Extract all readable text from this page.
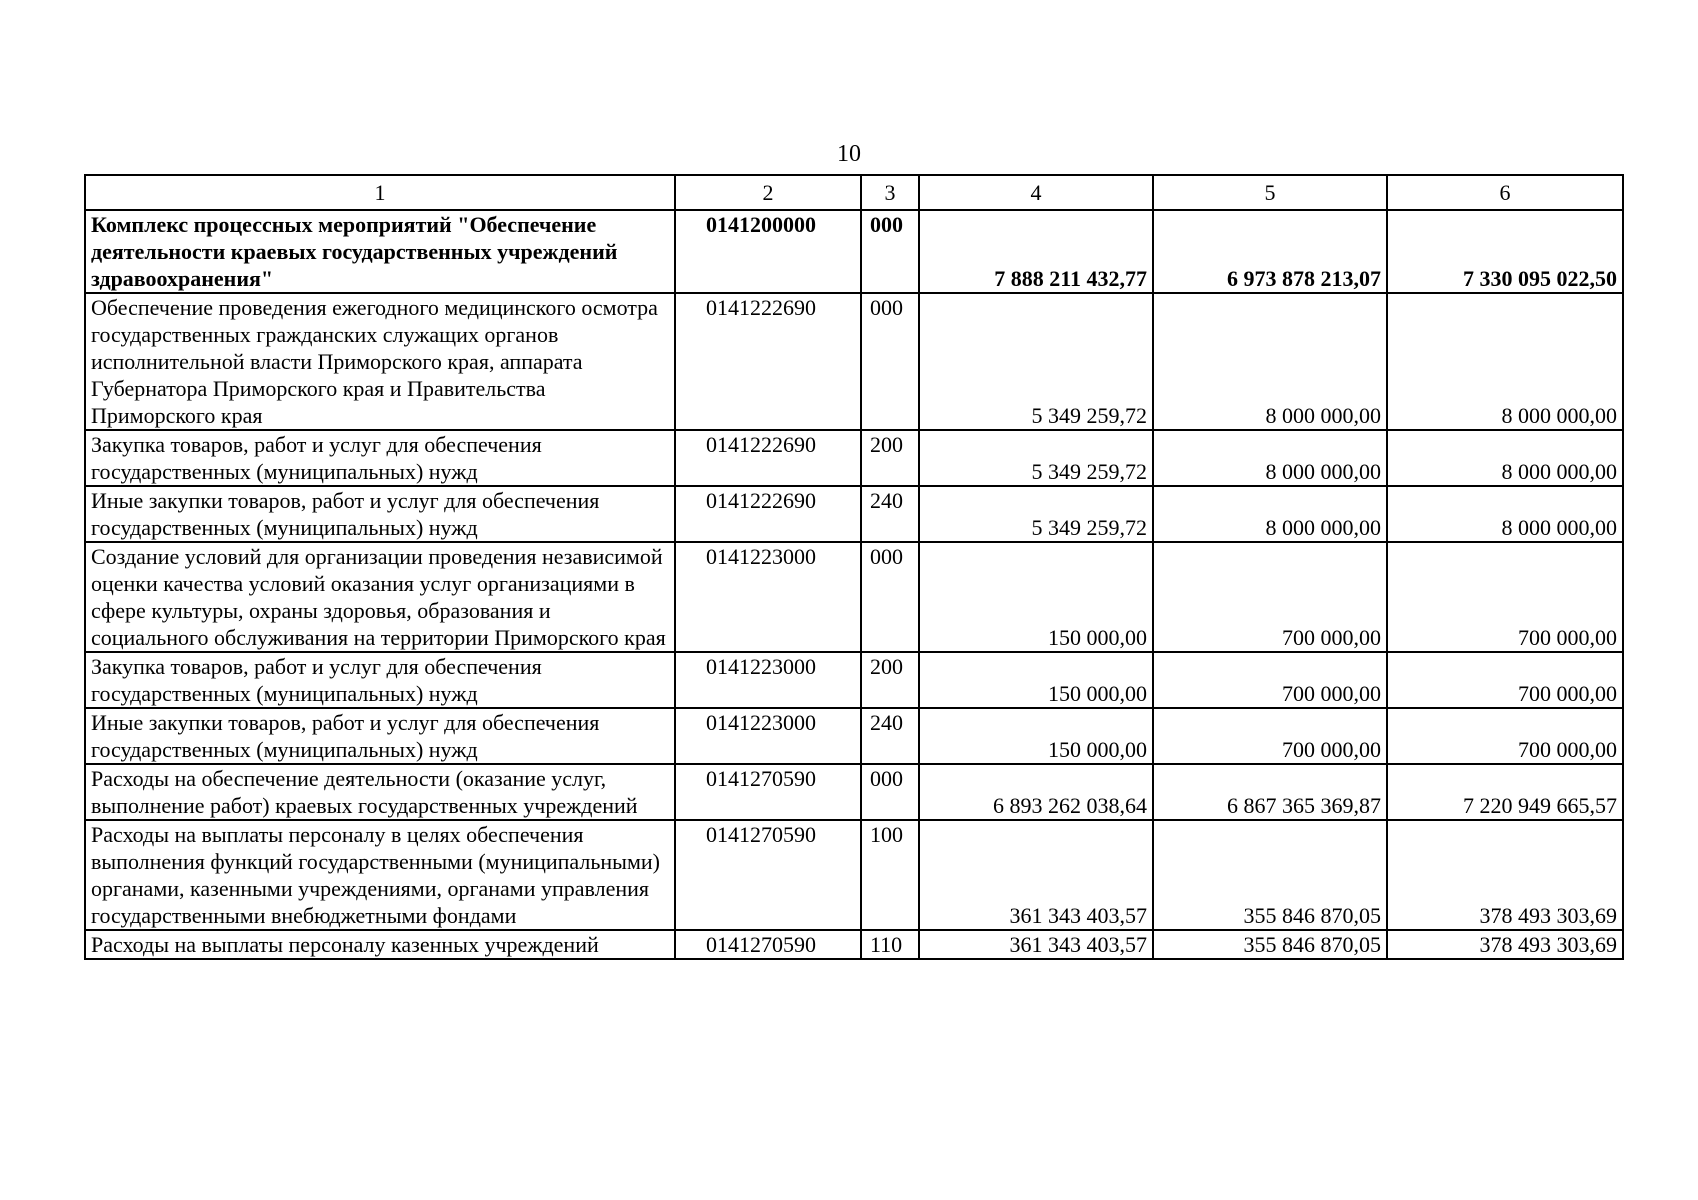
10
1	2	3	4	5	6
Комплекс процессных мероприятий "Обеспечение деятельности краевых государственных учреждений здравоохранения"	0141200000	000	7 888 211 432,77	6 973 878 213,07	7 330 095 022,50
Обеспечение проведения ежегодного медицинского осмотра государственных гражданских служащих органов исполнительной власти Приморского края, аппарата Губернатора Приморского края и Правительства Приморского края	0141222690	000	5 349 259,72	8 000 000,00	8 000 000,00
Закупка товаров, работ и услуг для обеспечения государственных (муниципальных) нужд	0141222690	200	5 349 259,72	8 000 000,00	8 000 000,00
Иные закупки товаров, работ и услуг для обеспечения государственных (муниципальных) нужд	0141222690	240	5 349 259,72	8 000 000,00	8 000 000,00
Создание условий для организации проведения независимой оценки качества условий оказания услуг организациями в сфере культуры, охраны здоровья, образования и социального обслуживания на территории Приморского края	0141223000	000	150 000,00	700 000,00	700 000,00
Закупка товаров, работ и услуг для обеспечения государственных (муниципальных) нужд	0141223000	200	150 000,00	700 000,00	700 000,00
Иные закупки товаров, работ и услуг для обеспечения государственных (муниципальных) нужд	0141223000	240	150 000,00	700 000,00	700 000,00
Расходы на обеспечение деятельности (оказание услуг, выполнение работ) краевых государственных учреждений	0141270590	000	6 893 262 038,64	6 867 365 369,87	7 220 949 665,57
Расходы на выплаты персоналу в целях обеспечения выполнения функций государственными (муниципальными) органами, казенными учреждениями, органами управления государственными внебюджетными фондами	0141270590	100	361 343 403,57	355 846 870,05	378 493 303,69
Расходы на выплаты персоналу казенных учреждений	0141270590	110	361 343 403,57	355 846 870,05	378 493 303,69
